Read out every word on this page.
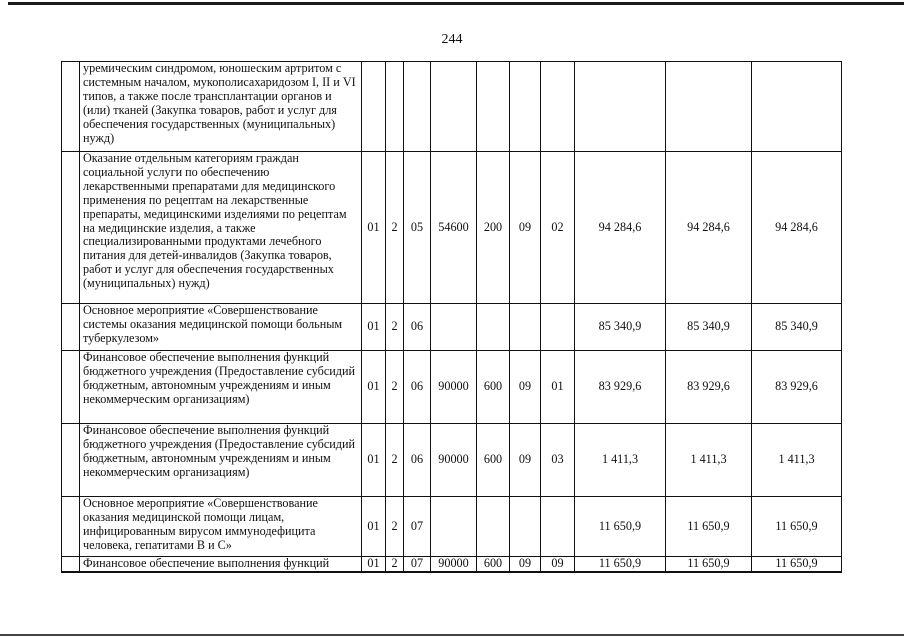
244
	уремическим синдромом, юношеским артритом с системным началом, мукополисахаридозом I, II и VI типов, а также после трансплантации органов и (или) тканей (Закупка товаров, работ и услуг для обеспечения государственных (муниципальных) нужд)										
	Оказание отдельным категориям граждан социальной услуги по обеспечению лекарственными препаратами для медицинского применения по рецептам на лекарственные препараты, медицинскими изделиями по рецептам на медицинские изделия, а также специализированными продуктами лечебного питания для детей-инвалидов (Закупка товаров, работ и услуг для обеспечения государственных (муниципальных) нужд)	01	2	05	54600	200	09	02	94 284,6	94 284,6	94 284,6
	Основное мероприятие «Совершенствование системы оказания медицинской помощи больным туберкулезом»	01	2	06					85 340,9	85 340,9	85 340,9
	Финансовое обеспечение выполнения функций бюджетного учреждения (Предоставление субсидий бюджетным, автономным учреждениям и иным некоммерческим организациям)	01	2	06	90000	600	09	01	83 929,6	83 929,6	83 929,6
	Финансовое обеспечение выполнения функций бюджетного учреждения (Предоставление субсидий бюджетным, автономным учреждениям и иным некоммерческим организациям)	01	2	06	90000	600	09	03	1 411,3	1 411,3	1 411,3
	Основное мероприятие «Совершенствование оказания медицинской помощи лицам, инфицированным вирусом иммунодефицита человека, гепатитами В и С»	01	2	07					11 650,9	11 650,9	11 650,9
	Финансовое обеспечение выполнения функций	01	2	07	90000	600	09	09	11 650,9	11 650,9	11 650,9
